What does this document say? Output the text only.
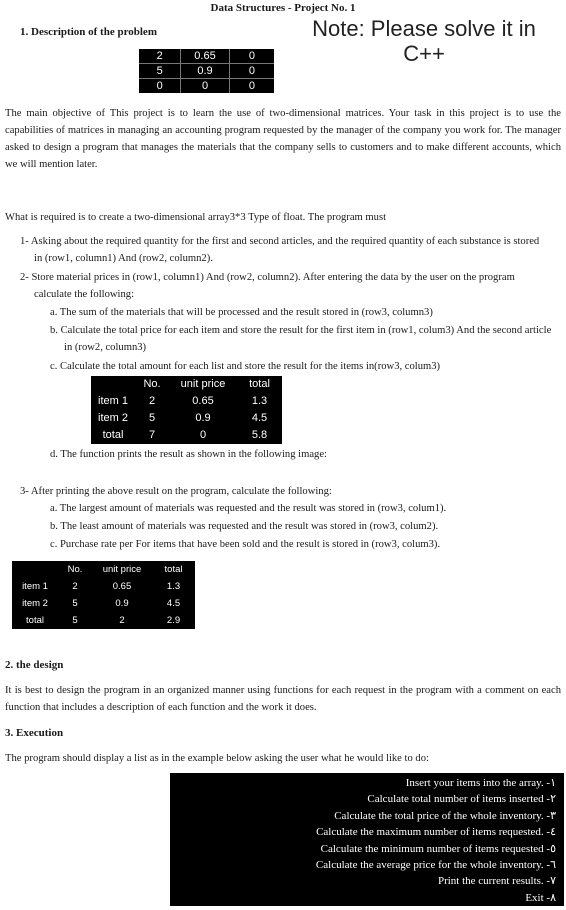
Data Structures - Project No. 1
Note: Please solve it in C++
1. Description of the problem
2	0.65	0
5	0.9	0
0	0	0
The main objective of This project is to learn the use of two-dimensional matrices. Your task in this project is to use the capabilities of matrices in managing an accounting program requested by the manager of the company you work for. The manager asked to design a program that manages the materials that the company sells to customers and to make different accounts, which we will mention later.
What is required is to create a two-dimensional array3*3 Type of float. The program must
1- Asking about the required quantity for the first and second articles, and the required quantity of each substance is stored in (row1, column1) And (row2, column2).
2- Store material prices in (row1, column1) And (row2, column2). After entering the data by the user on the program calculate the following:
a. The sum of the materials that will be processed and the result stored in (row3, column3)
b. Calculate the total price for each item and store the result for the first item in (row1, colum3) And the second article in (row2, column3)
c. Calculate the total amount for each list and store the result for the items in(row3, colum3)
	No.	unit price	total
item 1	2	0.65	1.3
item 2	5	0.9	4.5
total	7	0	5.8
d. The function prints the result as shown in the following image:
3- After printing the above result on the program, calculate the following:
a. The largest amount of materials was requested and the result was stored in (row3, colum1).
b. The least amount of materials was requested and the result was stored in (row3, colum2).
c. Purchase rate per For items that have been sold and the result is stored in (row3, colum3).
	No.	unit price	total
item 1	2	0.65	1.3
item 2	5	0.9	4.5
total	5	2	2.9
2. the design
It is best to design the program in an organized manner using functions for each request in the program with a comment on each function that includes a description of each function and the work it does.
3. Execution
The program should display a list as in the example below asking the user what he would like to do:
Insert your items into the array. -١
Calculate total number of items inserted -٢
Calculate the total price of the whole inventory. -٣
Calculate the maximum number of items requested. -٤
Calculate the minimum number of items requested -٥
Calculate the average price for the whole inventory. -٦
Print the current results. -٧
Exit -٨
